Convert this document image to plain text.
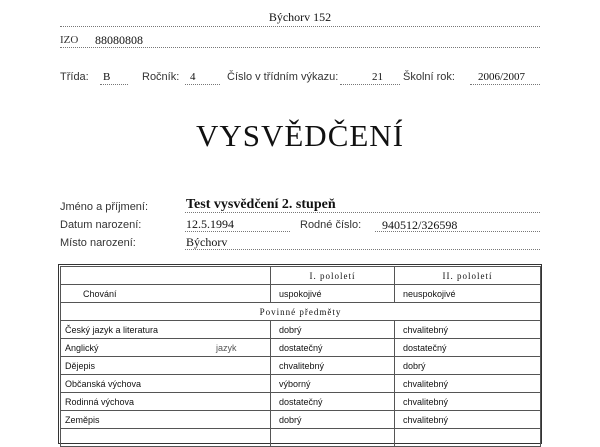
Býchorv 152
IZO 88080808
Třída: B	Ročník: 4	Číslo v třídním výkazu:	21 Školní rok: 2006/2007
VYSVĚDČENÍ
Jméno a příjmení:	Test vysvědčení 2. stupeň
Datum narození:	12.5.1994	Rodné číslo: 940512/326598
Místo narození:	Býchorv
	I. pololetí	II. pololetí
Chování	uspokojivé	neuspokojivé
Povinné předměty		
Český jazyk a literatura	dobrý	chvalitebný
Anglický jazyk	dostatečný	dostatečný
Dějepis	chvalitebný	dobrý
Občanská výchova	výborný	chvalitebný
Rodinná výchova	dostatečný	chvalitebný
Zeměpis	dobrý	chvalitebný
